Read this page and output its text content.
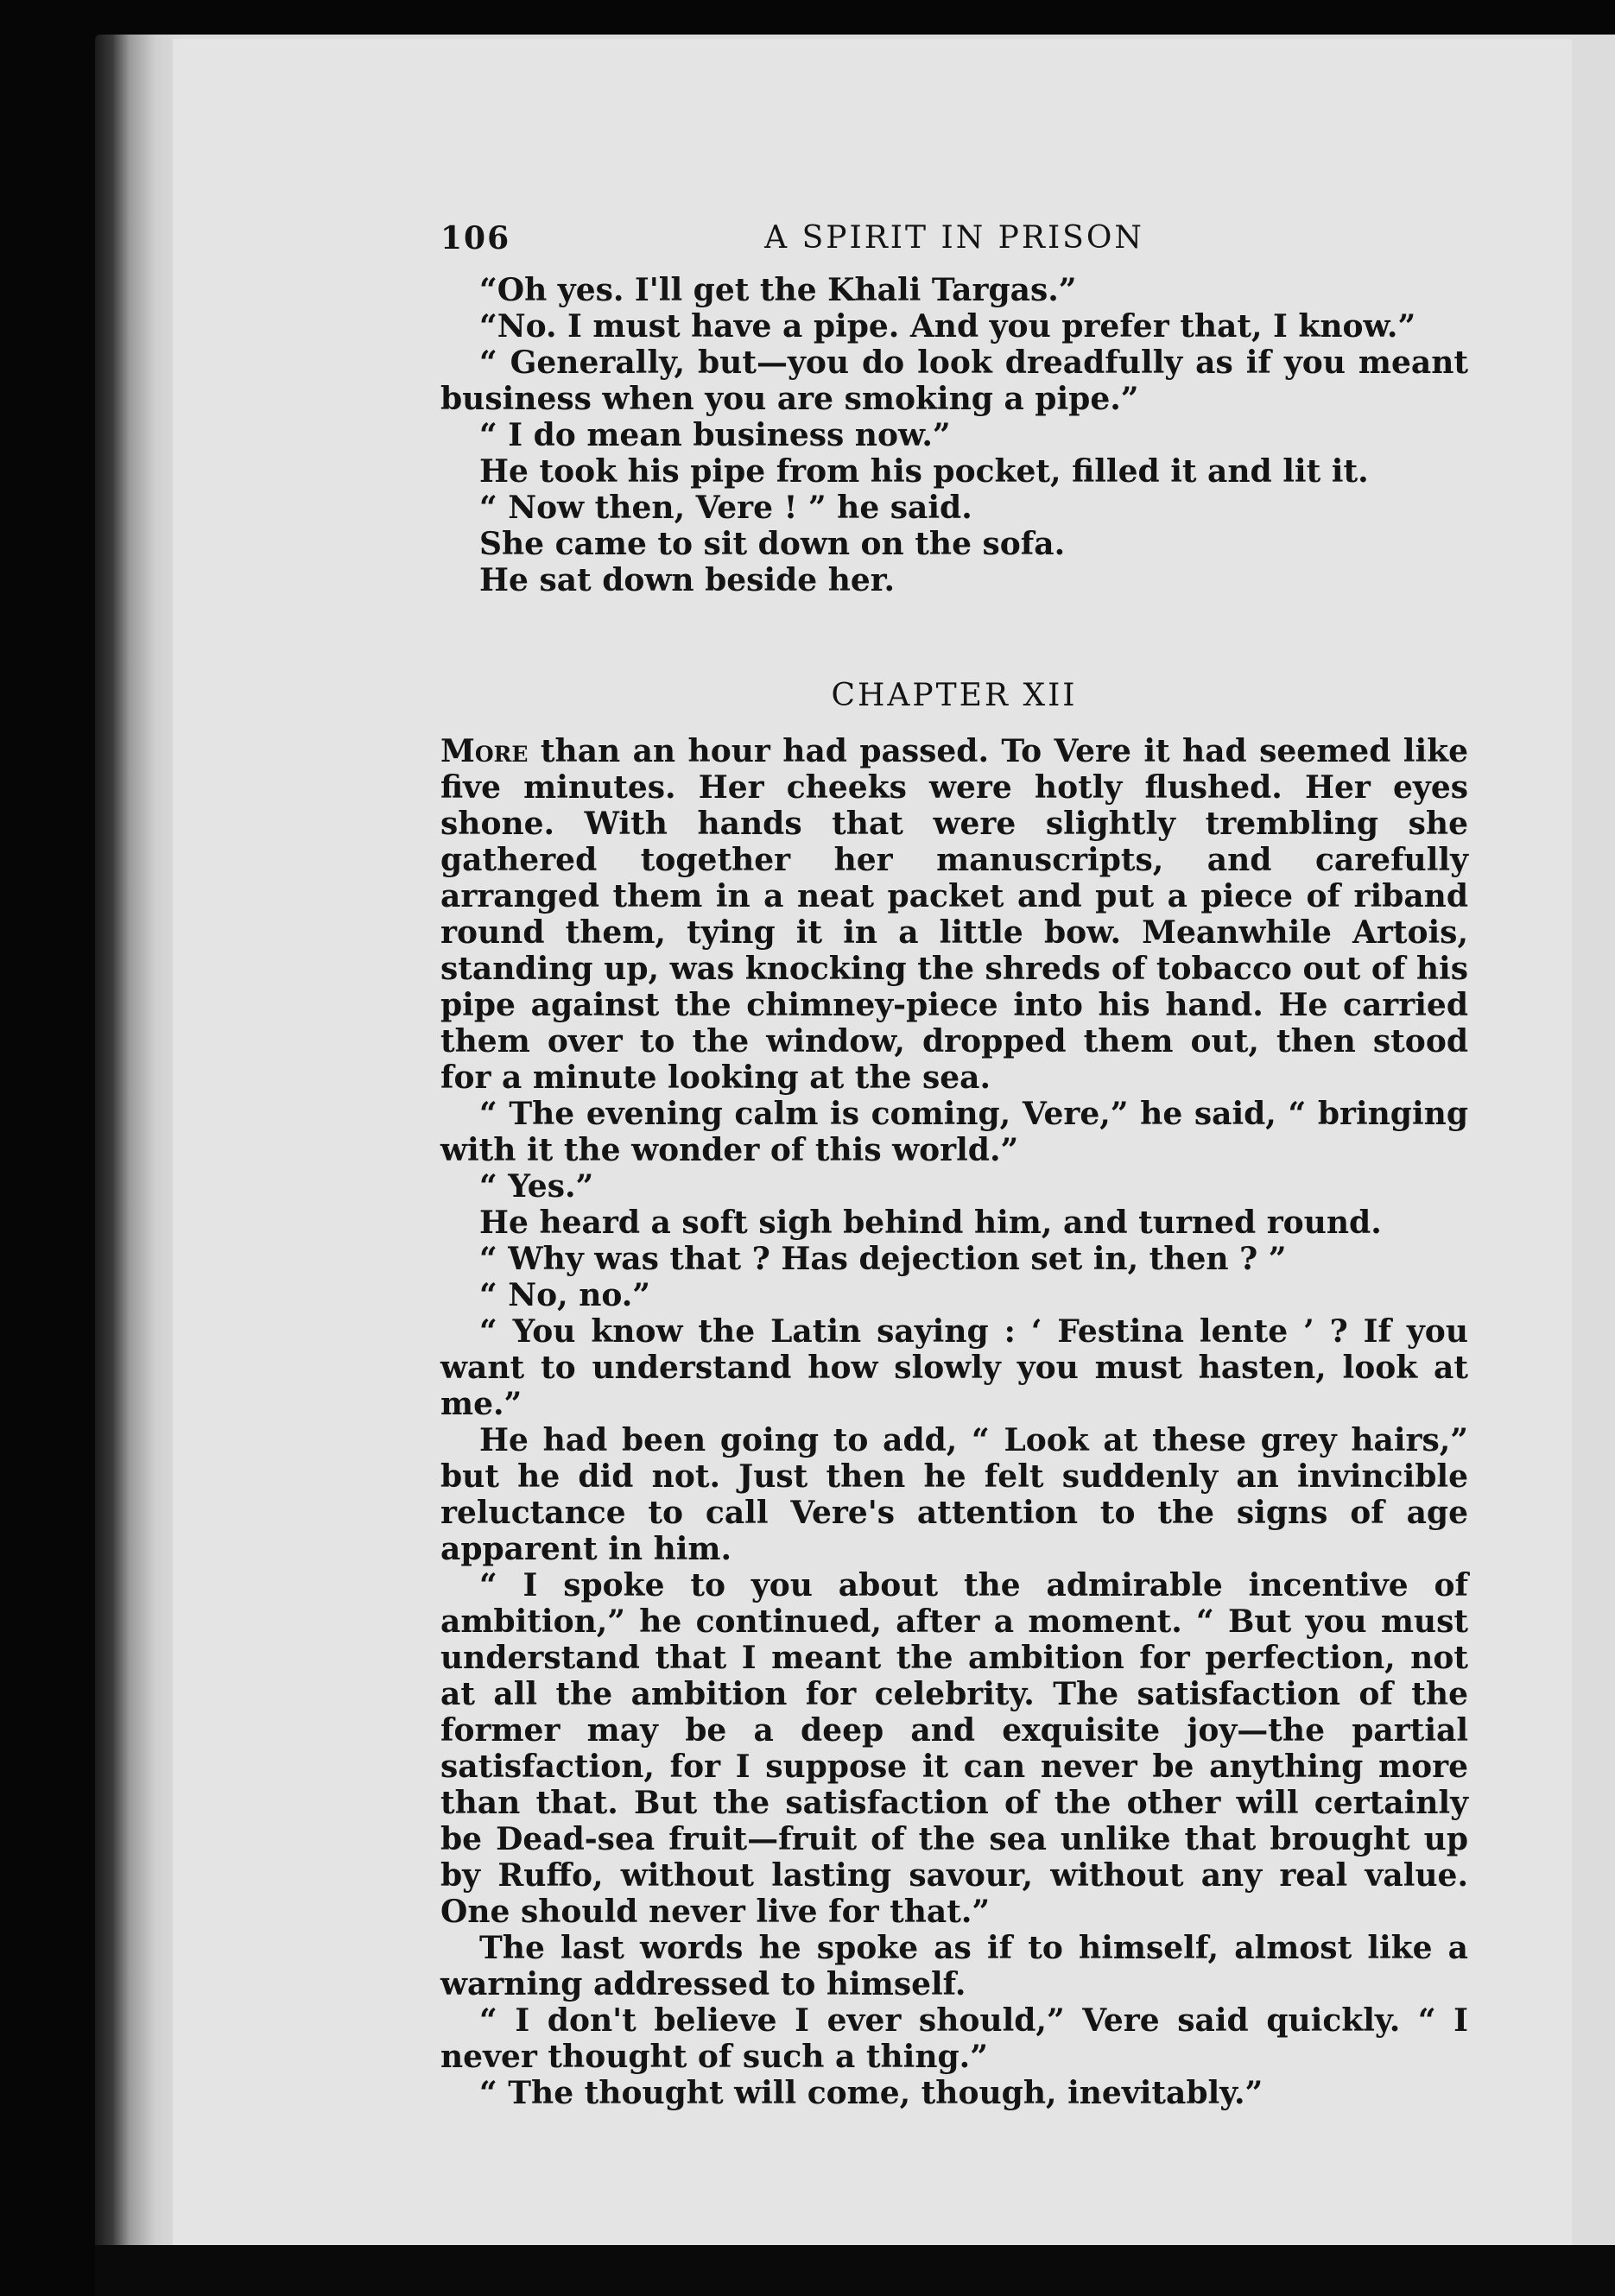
106	A SPIRIT IN PRISON
“Oh yes. I'll get the Khali Targas.”
“No. I must have a pipe. And you prefer that, I know.”
“ Generally, but—you do look dreadfully as if you meant business when you are smoking a pipe.”
“ I do mean business now.”
He took his pipe from his pocket, filled it and lit it.
“ Now then, Vere ! ” he said.
She came to sit down on the sofa.
He sat down beside her.
CHAPTER XII
More than an hour had passed. To Vere it had seemed like five minutes. Her cheeks were hotly flushed. Her eyes shone. With hands that were slightly trembling she gathered together her manuscripts, and carefully arranged them in a neat packet and put a piece of riband round them, tying it in a little bow. Meanwhile Artois, standing up, was knocking the shreds of tobacco out of his pipe against the chimney-piece into his hand. He carried them over to the window, dropped them out, then stood for a minute looking at the sea.
“ The evening calm is coming, Vere,” he said, “ bringing with it the wonder of this world.”
“ Yes.”
He heard a soft sigh behind him, and turned round.
“ Why was that ? Has dejection set in, then ? ”
“ No, no.”
“ You know the Latin saying : ‘ Festina lente ’ ? If you want to understand how slowly you must hasten, look at me.”
He had been going to add, “ Look at these grey hairs,” but he did not. Just then he felt suddenly an invincible reluctance to call Vere's attention to the signs of age apparent in him.
“ I spoke to you about the admirable incentive of ambition,” he continued, after a moment. “ But you must understand that I meant the ambition for perfection, not at all the ambition for celebrity. The satisfaction of the former may be a deep and exquisite joy—the partial satisfaction, for I suppose it can never be anything more than that. But the satisfaction of the other will certainly be Dead-sea fruit—fruit of the sea unlike that brought up by Ruffo, without lasting savour, without any real value. One should never live for that.”
The last words he spoke as if to himself, almost like a warning addressed to himself.
“ I don't believe I ever should,” Vere said quickly. “ I never thought of such a thing.”
“ The thought will come, though, inevitably.”
